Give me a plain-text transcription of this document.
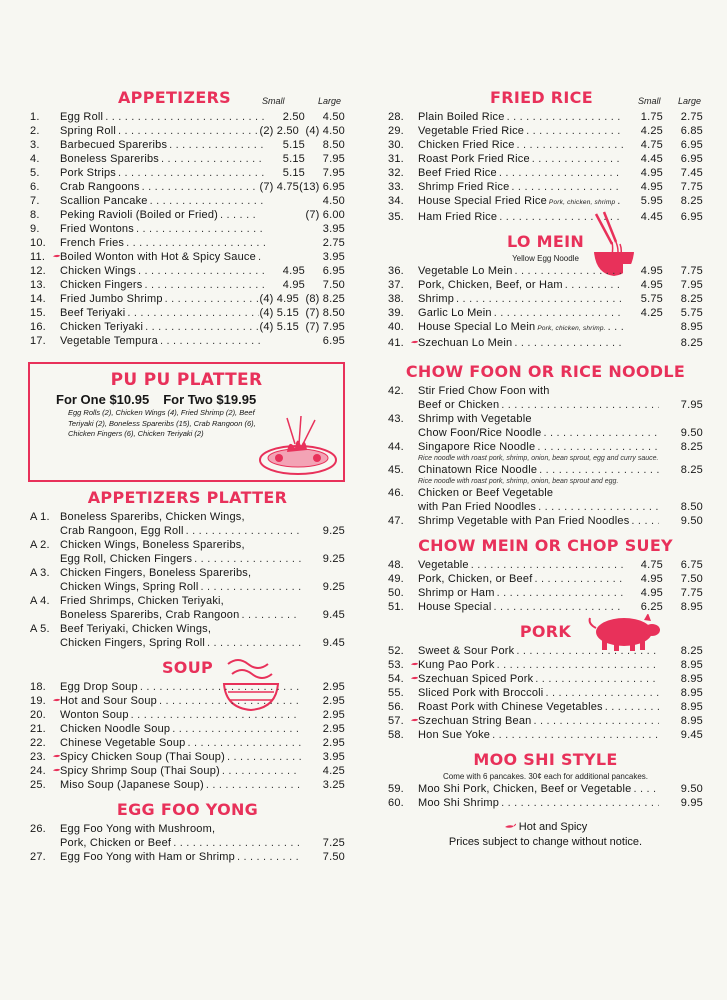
APPETIZERS	Small	Large
1.	Egg Roll . . .	2.50	4.50
2.	Spring Roll . . .	(2) 2.50 (4) 4.50
3.	Barbecued Spareribs . . .	5.15	8.50
4.	Boneless Spareribs . . .	5.15	7.95
5.	Pork Strips . . .	5.15	7.95
6.	Crab Rangoons . . .	(7) 4.75 (13) 6.95
7.	Scallion Pancake . . .	4.50
8.	Peking Ravioli (Boiled or Fried) . . .	(7) 6.00
9.	Fried Wontons . . .	3.95
10.	French Fries . . .	2.75
11.	Boiled Wonton with Hot & Spicy Sauce . . .	3.95
12.	Chicken Wings . . .	4.95	6.95
13.	Chicken Fingers . . .	4.95	7.50
14.	Fried Jumbo Shrimp . . .	(4) 4.95 (8) 8.25
15.	Beef Teriyaki . . .	(4) 5.15 (7) 8.50
16.	Chicken Teriyaki . . .	(4) 5.15 (7) 7.95
17.	Vegetable Tempura . . .	6.95
PU PU PLATTER
For One $10.95 For Two $19.95
Egg Rolls (2), Chicken Wings (4), Fried Shrimp (2), Beef Teriyaki (2), Boneless Spareribs (15), Crab Rangoon (6), Chicken Fingers (6), Chicken Teriyaki (2)
APPETIZERS PLATTER
A 1. Boneless Spareribs, Chicken Wings,
Crab Rangoon, Egg Roll . . .	9.25
A 2. Chicken Wings, Boneless Spareribs,
Egg Roll, Chicken Fingers . . .	9.25
A 3. Chicken Fingers, Boneless Spareribs,
Chicken Wings, Spring Roll . . .	9.25
A 4. Fried Shrimps, Chicken Teriyaki,
Boneless Spareribs, Crab Rangoon . . .	9.45
A 5. Beef Teriyaki, Chicken Wings,
Chicken Fingers, Spring Roll . . .	9.45
SOUP
18.	Egg Drop Soup . . .	2.95
19.	Hot and Sour Soup . . .	2.95
20.	Wonton Soup . . .	2.95
21.	Chicken Noodle Soup . . .	2.95
22.	Chinese Vegetable Soup . . .	2.95
23.	Spicy Chicken Soup (Thai Soup) . . .	3.95
24.	Spicy Shrimp Soup (Thai Soup) . . .	4.25
25.	Miso Soup (Japanese Soup) . . .	3.25
EGG FOO YONG
26.	Egg Foo Yong with Mushroom,
Pork, Chicken or Beef . . .	7.25
27.	Egg Foo Yong with Ham or Shrimp . . .	7.50
FRIED RICE	Small Large
28.	Plain Boiled Rice . . .	1.75	2.75
29.	Vegetable Fried Rice . . .	4.25	6.85
30.	Chicken Fried Rice . . .	4.75	6.95
31.	Roast Pork Fried Rice . . .	4.45	6.95
32.	Beef Fried Rice . . .	4.95	7.45
33.	Shrimp Fried Rice . . .	4.95	7.75
34.	House Special Fried Rice Pork, chicken, shrimp . . .	5.95	8.25
35.	Ham Fried Rice . . .	4.45	6.95
LO MEIN
Yellow Egg Noodle
36.	Vegetable Lo Mein . . .	4.95	7.75
37.	Pork, Chicken, Beef, or Ham . . .	4.95	7.95
38.	Shrimp . . .	5.75	8.25
39.	Garlic Lo Mein . . .	4.25	5.75
40.	House Special Lo Mein Pork, chicken, shrimp. . . .	8.95
41.	Szechuan Lo Mein . . .	8.25
CHOW FOON OR RICE NOODLE
42.	Stir Fried Chow Foon with
Beef or Chicken . . .	7.95
43.	Shrimp with Vegetable
Chow Foon/Rice Noodle . . .	9.50
44.	Singapore Rice Noodle . . .	8.25
Rice noodle with roast pork, shrimp, onion, bean sprout, egg and curry sauce.
45.	Chinatown Rice Noodle . . .	8.25
Rice noodle with roast pork, shrimp, onion, bean sprout and egg.
46.	Chicken or Beef Vegetable
with Pan Fried Noodles . . .	8.50
47.	Shrimp Vegetable with Pan Fried Noodles . . .	9.50
CHOW MEIN OR CHOP SUEY
48.	Vegetable . . .	4.75	6.75
49.	Pork, Chicken, or Beef . . .	4.95	7.50
50.	Shrimp or Ham . . .	4.95	7.75
51.	House Special . . .	6.25	8.95
PORK
52.	Sweet & Sour Pork . . .	8.25
53.	Kung Pao Pork . . .	8.95
54.	Szechuan Spiced Pork . . .	8.95
55.	Sliced Pork with Broccoli . . .	8.95
56.	Roast Pork with Chinese Vegetables . . .	8.95
57.	Szechuan String Bean . . .	8.95
58.	Hon Sue Yoke . . .	9.45
MOO SHI STYLE
Come with 6 pancakes. 30¢ each for additional pancakes.
59.	Moo Shi Pork, Chicken, Beef or Vegetable . . .	9.50
60.	Moo Shi Shrimp . . .	9.95
Hot and Spicy
Prices subject to change without notice.
